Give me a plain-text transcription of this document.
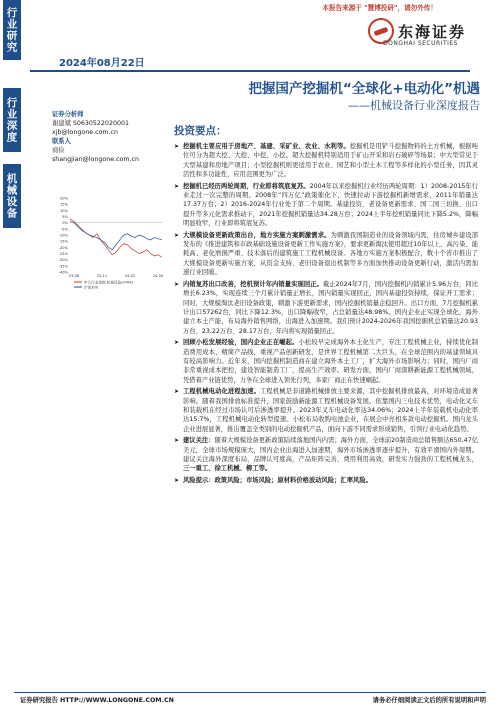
行业研究
行业深度
机械设备
本报告来源于 "慧博投研"，请勿外传！
东海证券
DONGHAI SECURITIES
2024年08月22日
把握国产挖掘机“全球化+电动化”机遇
——机械设备行业深度报告
证券分析师
谢建斌 S0630522020001
xjb@longone.com.cn
联系人
商俭
shangjian@longone.com.cn
20%
15%
10%
5%
0%
-5%
-10%
-15%
-20%
-25%
-30%
-35%
-40%
23-08	23-11	24-02	24-05
申万行业指数:机械设备(0764)
沪深300
投资要点：
➤ 挖掘机主要应用于房地产、基建、采矿业、农业、水利等。挖掘机是用铲斗挖掘物料的土方机械，根据吨位可分为超大挖、大挖、中挖、小挖。超大挖掘机特别适用于矿山开采和岩石破碎等场景；中大型常见于大型基建和房地产项目；小型挖掘机则更适用于农业、园艺和小型土木工程等多样化的小型任务，因其灵活性和多功能性，应用范围更为广泛。
➤ 挖掘机已经历两轮周期，行业即将筑底复苏。2004年以来挖掘机行业经历两轮周期：1）2008-2015年行业走过一次完整的周期。2008年“四万亿”政策催化下，快速拉动下游挖掘机新增需求，2011年销量达17.37万台；2）2016-2024年行业处于第二个周期。基建投资、老设备更新需求、国二国三切换、出口提升等多元化需求推动下，2021年挖掘机销量达34.28万台；2024上半年挖机销量同比下降5.2%，降幅明显收窄，行业即将筑底复苏。
➤ 大规模设备更新政策出台，地方实施方案刺激需求。为刺激我国制造业的设备领域内需，住房城乡建设部发布的《推进建筑和市政基础设施设备更新工作实施方案》，要求更新淘汰使用超过10年以上、高污染、能耗高、老化磨损严重、技术落后的建筑施工工程机械设备。各地方实施方案积极配合，数十个省市推出了大规模设备更新实施方案，从资金支持、老旧设备退出机制等多方面加快推动设备更新行动，激活内需加速行业回暖。
➤ 内销复苏出口改善，挖机预计年内销量实现回正。截止2024年7月，国内挖掘机内销累计5.96万台，同比增长6.23%，实现连续三个月累计销量正增长，国内销量实现回正，国内基建投资持续，保证开工需求；同时，大规模淘汰老旧设备政策，刺激下游更新需求，国内挖掘机销量企稳回升。出口方面，7月挖掘机累计出口57262台，同比下降12.3%，出口降幅收窄，占总销量达48.98%。国内企业正实现全球化，海外建立本土产能，布局海外销售网络，出海进入加速期。我们预计2024-2026年我国挖掘机总销量达20.93万台、23.22万台、28.17万台，年内将实现销量回正。
➤ 回顾小松发展经验，国内企业正在崛起。小松较早完成海外本土化生产，专注工程机械主业，持续优化制造费用成本、精简产品线，重视产品创新研发，是世界工程机械第二大巨头，在全球范围内的基建领域具有较高影响力。近年来，国内挖掘机制造商在建立海外本土工厂，扩大海外市场影响力；同时，国内厂商非常重视成本把控，建设智能制造工厂，提高生产效率。研发方面，国内厂商深耕新能源工程机械领域，凭借着产业链优势，力争在全球进入领先行列，多家厂商正在快速崛起。
➤ 工程机械电动化进程加速。工程机械是非道路机械排放主要来源，其中挖掘机排放最高，对环境造成显著影响。随着我国排放标准提升，国家鼓励新能源工程机械设备发展。依靠国内三电技术优势，电动化叉车和装载机在经过市场认可后渗透率提升。2023年叉车电动化率达34.06%；2024上半年装载机电动化率达15.7%，工程机械电动化转型提速。小松布局收购电池企业，在展会中亮相多款电动挖掘机。国内龙头企业进展显著，推出覆盖全类别的电动挖掘机产品，面向下游不同需求形成销售，引领行业电动化趋势。
➤ 建议关注：随着大规模设备更新政策陆续落地国内内需；海外方面，全球前20制造商总销售额达650.47亿美元，全球市场规模庞大，国内企业出海进入加速期，海外市场渗透率逐步提升，有效平滑国内外周期。建议关注海外深度布局，品牌认可度高，产品矩阵完善，费用利用高效，研发实力强劲的工程机械龙头，三一重工、徐工机械、柳工等。
➤ 风险提示：政策风险；市场风险；原材料价格波动风险；汇率风险。
证券研究报告 HTTP://WWW.LONGONE.COM.CN	请务必仔细阅读正文后的所有说明和声明
